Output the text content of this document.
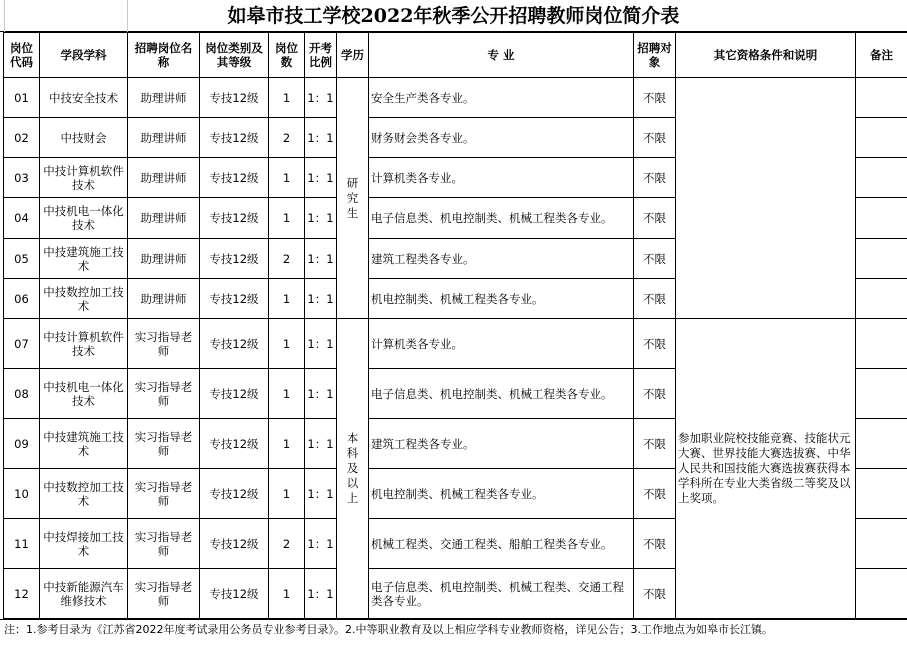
如皋市技工学校2022年秋季公开招聘教师岗位简介表
岗位代码	学段学科	招聘岗位名称	岗位类别及其等级	岗位数	开考比例	学历	专 业	招聘对象	其它资格条件和说明	备注
01	中技安全技术	助理讲师	专技12级	1	1：1	研究生	安全生产类各专业。	不限		
02	中技财会	助理讲师	专技12级	2	1：1		财务财会类各专业。	不限		
03	中技计算机软件技术	助理讲师	专技12级	1	1：1		计算机类各专业。	不限		
04	中技机电一体化技术	助理讲师	专技12级	1	1：1		电子信息类、机电控制类、机械工程类各专业。	不限		
05	中技建筑施工技术	助理讲师	专技12级	2	1：1		建筑工程类各专业。	不限		
06	中技数控加工技术	助理讲师	专技12级	1	1：1		机电控制类、机械工程类各专业。	不限		
07	中技计算机软件技术	实习指导老师	专技12级	1	1：1	本科及以上	计算机类各专业。	不限	参加职业院校技能竞赛、技能状元大赛、世界技能大赛选拔赛、中华人民共和国技能大赛选拔赛获得本学科所在专业大类省级二等奖及以上奖项。	
08	中技机电一体化技术	实习指导老师	专技12级	1	1：1		电子信息类、机电控制类、机械工程类各专业。	不限		
09	中技建筑施工技术	实习指导老师	专技12级	1	1：1		建筑工程类各专业。	不限		
10	中技数控加工技术	实习指导老师	专技12级	1	1：1		机电控制类、机械工程类各专业。	不限		
11	中技焊接加工技术	实习指导老师	专技12级	2	1：1		机械工程类、交通工程类、船舶工程类各专业。	不限		
12	中技新能源汽车维修技术	实习指导老师	专技12级	1	1：1		电子信息类、机电控制类、机械工程类、交通工程类各专业。	不限		
注：1.参考目录为《江苏省2022年度考试录用公务员专业参考目录》。2.中等职业教育及以上相应学科专业教师资格，详见公告；3.工作地点为如皋市长江镇。
